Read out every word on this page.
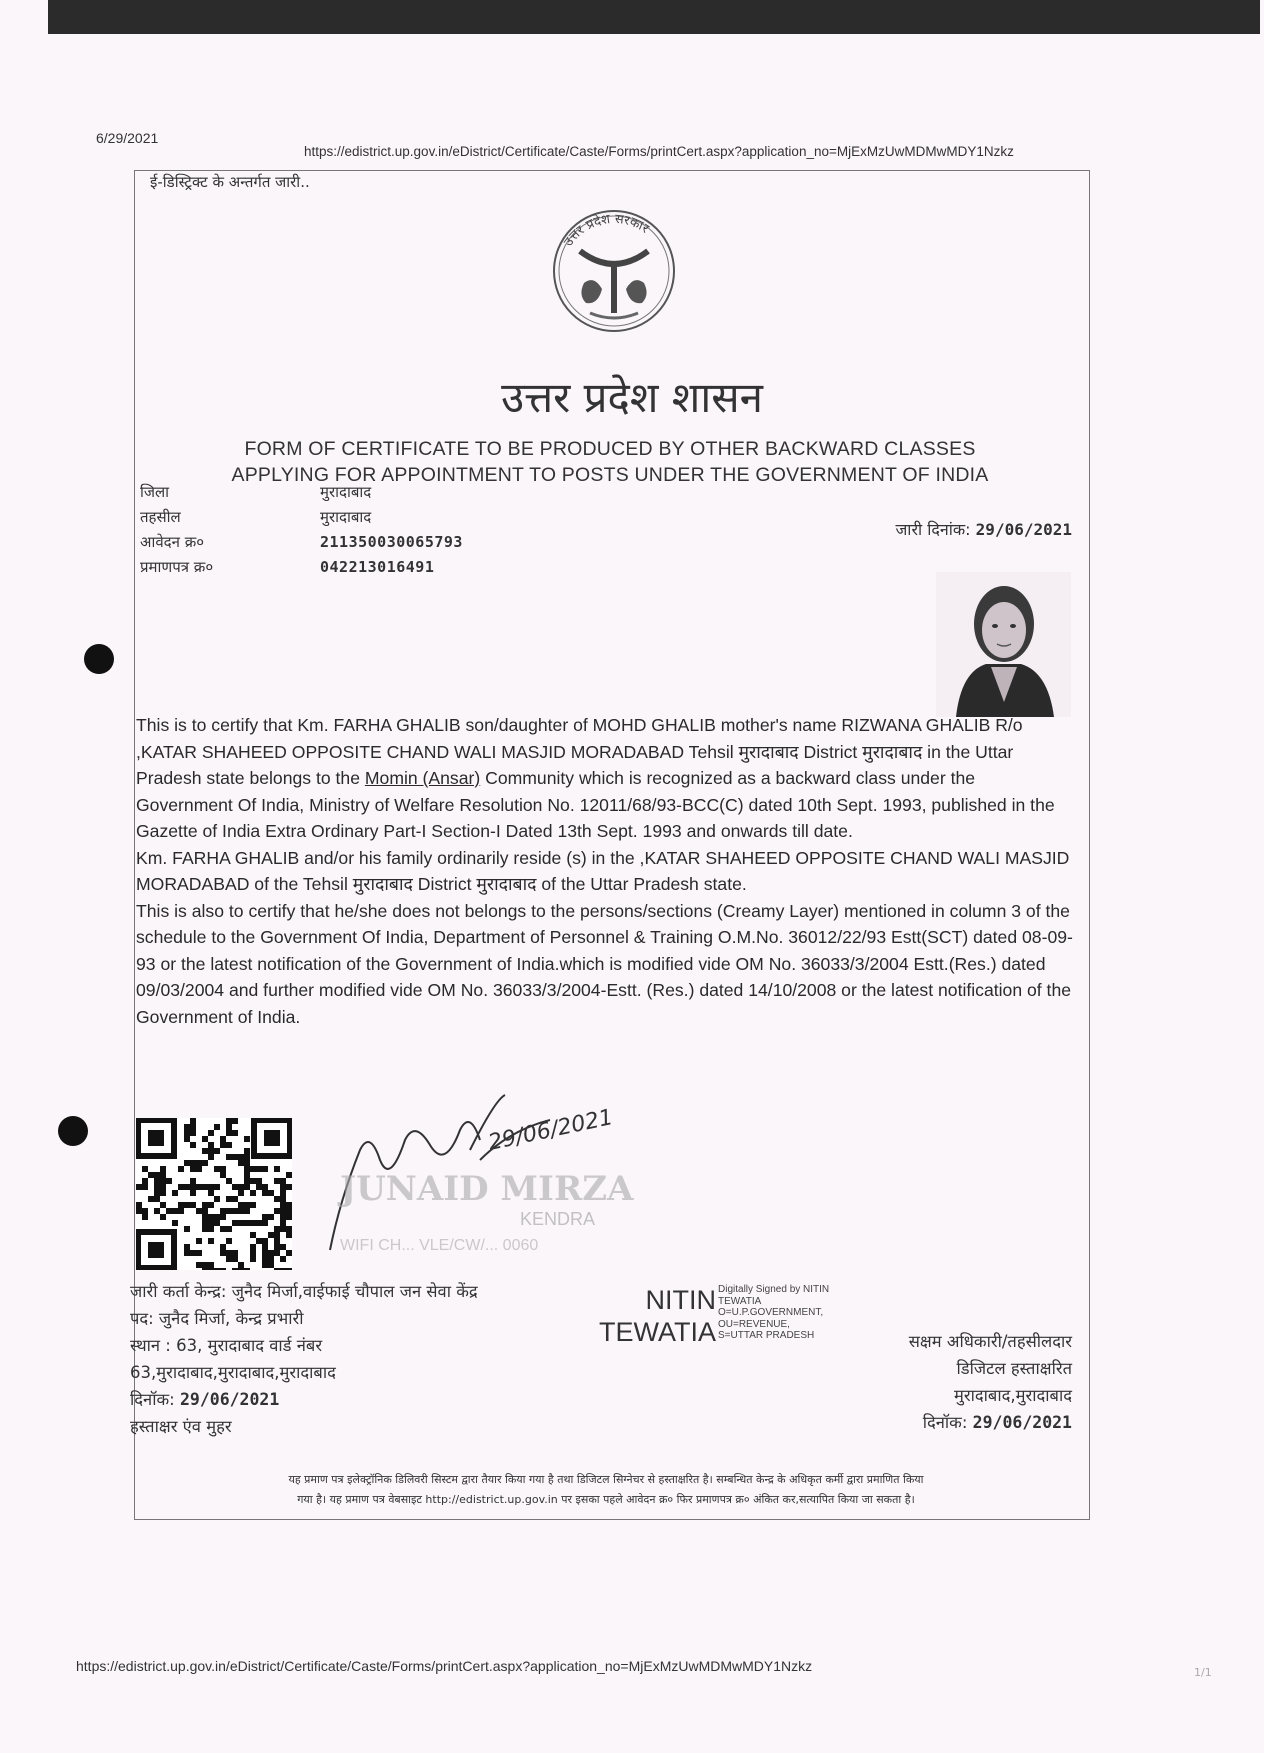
6/29/2021
https://edistrict.up.gov.in/eDistrict/Certificate/Caste/Forms/printCert.aspx?application_no=MjExMzUwMDMwMDY1Nzkz
ई-डिस्ट्रिक्ट के अन्तर्गत जारी..
उत्तर प्रदेश सरकार
उत्तर प्रदेश शासन
FORM OF CERTIFICATE TO BE PRODUCED BY OTHER BACKWARD CLASSES
APPLYING FOR APPOINTMENT TO POSTS UNDER THE GOVERNMENT OF INDIA
जिला	मुरादाबाद
तहसील	मुरादाबाद
आवेदन क्र०	211350030065793
प्रमाणपत्र क्र०	042213016491
जारी दिनांक: 29/06/2021

This is to certify that Km. FARHA GHALIB son/daughter of MOHD GHALIB mother's name RIZWANA GHALIB R/o ,KATAR SHAHEED OPPOSITE CHAND WALI MASJID MORADABAD Tehsil मुरादाबाद District मुरादाबाद in the Uttar Pradesh state belongs to the Momin (Ansar) Community which is recognized as a backward class under the Government Of India, Ministry of Welfare Resolution No. 12011/68/93-BCC(C) dated 10th Sept. 1993, published in the Gazette of India Extra Ordinary Part-I Section-I Dated 13th Sept. 1993 and onwards till date.

Km. FARHA GHALIB and/or his family ordinarily reside (s) in the ,KATAR SHAHEED OPPOSITE CHAND WALI MASJID MORADABAD of the Tehsil मुरादाबाद District मुरादाबाद of the Uttar Pradesh state.

This is also to certify that he/she does not belongs to the persons/sections (Creamy Layer) mentioned in column 3 of the schedule to the Government Of India, Department of Personnel & Training O.M.No. 36012/22/93 Estt(SCT) dated 08-09-93 or the latest notification of the Government of India.which is modified vide OM No. 36033/3/2004 Estt.(Res.) dated 09/03/2004 and further modified vide OM No. 36033/3/2004-Estt. (Res.) dated 14/10/2008 or the latest notification of the Government of India.

29/06/2021
JUNAID MIRZA
KENDRA
WIFI CH... VLE/CW/... 0060
जारी कर्ता केन्द्र: जुनैद मिर्जा,वाईफाई चौपाल जन सेवा केंद्र
पद: जुनैद मिर्जा, केन्द्र प्रभारी
स्थान : 63, मुरादाबाद वार्ड नंबर
63,मुरादाबाद,मुरादाबाद,मुरादाबाद
दिनॉक: 29/06/2021
हस्ताक्षर एंव मुहर
NITIN
TEWATIA
Digitally Signed by NITIN
TEWATIA
O=U.P.GOVERNMENT,
OU=REVENUE,
S=UTTAR PRADESH	सक्षम अधिकारी/तहसीलदार
डिजिटल हस्ताक्षरित
मुरादाबाद,मुरादाबाद
दिनॉक: 29/06/2021
यह प्रमाण पत्र इलेक्ट्रॉनिक डिलिवरी सिस्टम द्वारा तैयार किया गया है तथा डिजिटल सिग्नेचर से हस्ताक्षरित है। सम्बन्धित केन्द्र के अधिकृत कर्मी द्वारा प्रमाणित किया
गया है। यह प्रमाण पत्र वेबसाइट http://edistrict.up.gov.in पर इसका पहले आवेदन क्र० फिर प्रमाणपत्र क्र० अंकित कर,सत्यापित किया जा सकता है।
https://edistrict.up.gov.in/eDistrict/Certificate/Caste/Forms/printCert.aspx?application_no=MjExMzUwMDMwMDY1Nzkz	1/1
